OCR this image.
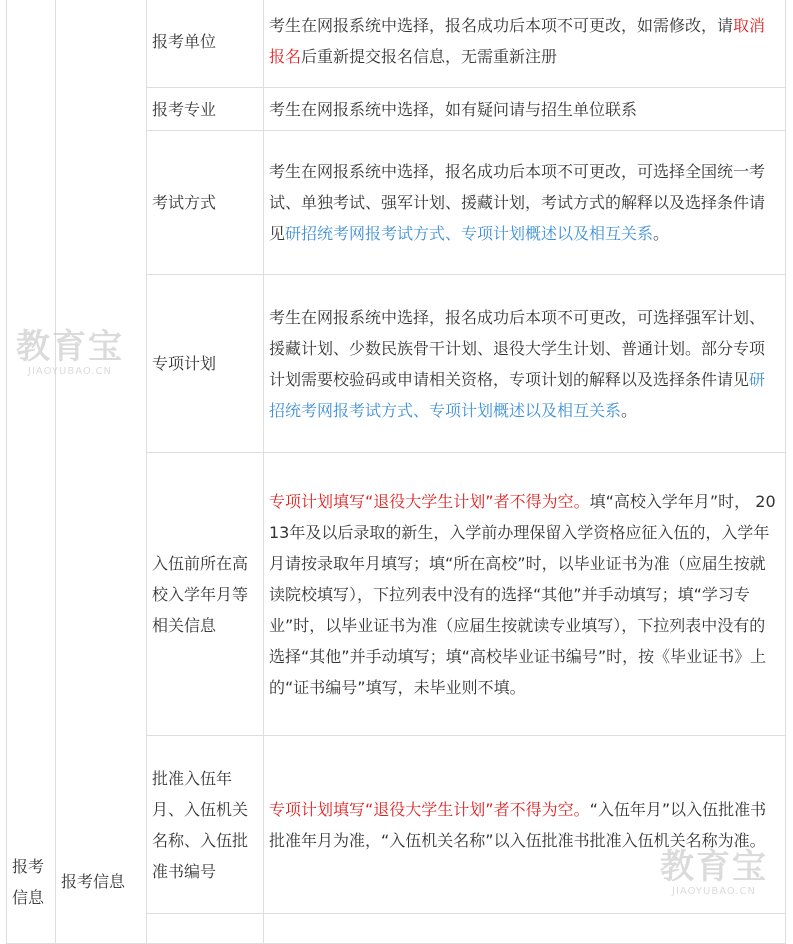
报考信息	报考信息	报考单位	考生在网报系统中选择，报名成功后本项不可更改，如需修改，请取消报名后重新提交报名信息，无需重新注册
		报考专业	考生在网报系统中选择，如有疑问请与招生单位联系
		考试方式	考生在网报系统中选择，报名成功后本项不可更改，可选择全国统一考试、单独考试、强军计划、援藏计划，考试方式的解释以及选择条件请见研招统考网报考试方式、专项计划概述以及相互关系。
		专项计划	考生在网报系统中选择，报名成功后本项不可更改，可选择强军计划、援藏计划、少数民族骨干计划、退役大学生计划、普通计划。部分专项计划需要校验码或申请相关资格，专项计划的解释以及选择条件请见研招统考网报考试方式、专项计划概述以及相互关系。
		入伍前所在高校入学年月等相关信息	专项计划填写“退役大学生计划”者不得为空。填“高校入学年月”时， 2013年及以后录取的新生，入学前办理保留入学资格应征入伍的，入学年月请按录取年月填写；填“所在高校”时，以毕业证书为准（应届生按就读院校填写），下拉列表中没有的选择“其他”并手动填写；填“学习专业”时，以毕业证书为准（应届生按就读专业填写），下拉列表中没有的选择“其他”并手动填写；填“高校毕业证书编号”时，按《毕业证书》上的“证书编号”填写，未毕业则不填。
		批准入伍年月、入伍机关名称、入伍批准书编号	专项计划填写“退役大学生计划”者不得为空。“入伍年月”以入伍批准书批准年月为准，“入伍机关名称”以入伍批准书批准入伍机关名称为准。

教育宝
JIAOYUBAO.CN
教育宝
JIAOYUBAO.CN
